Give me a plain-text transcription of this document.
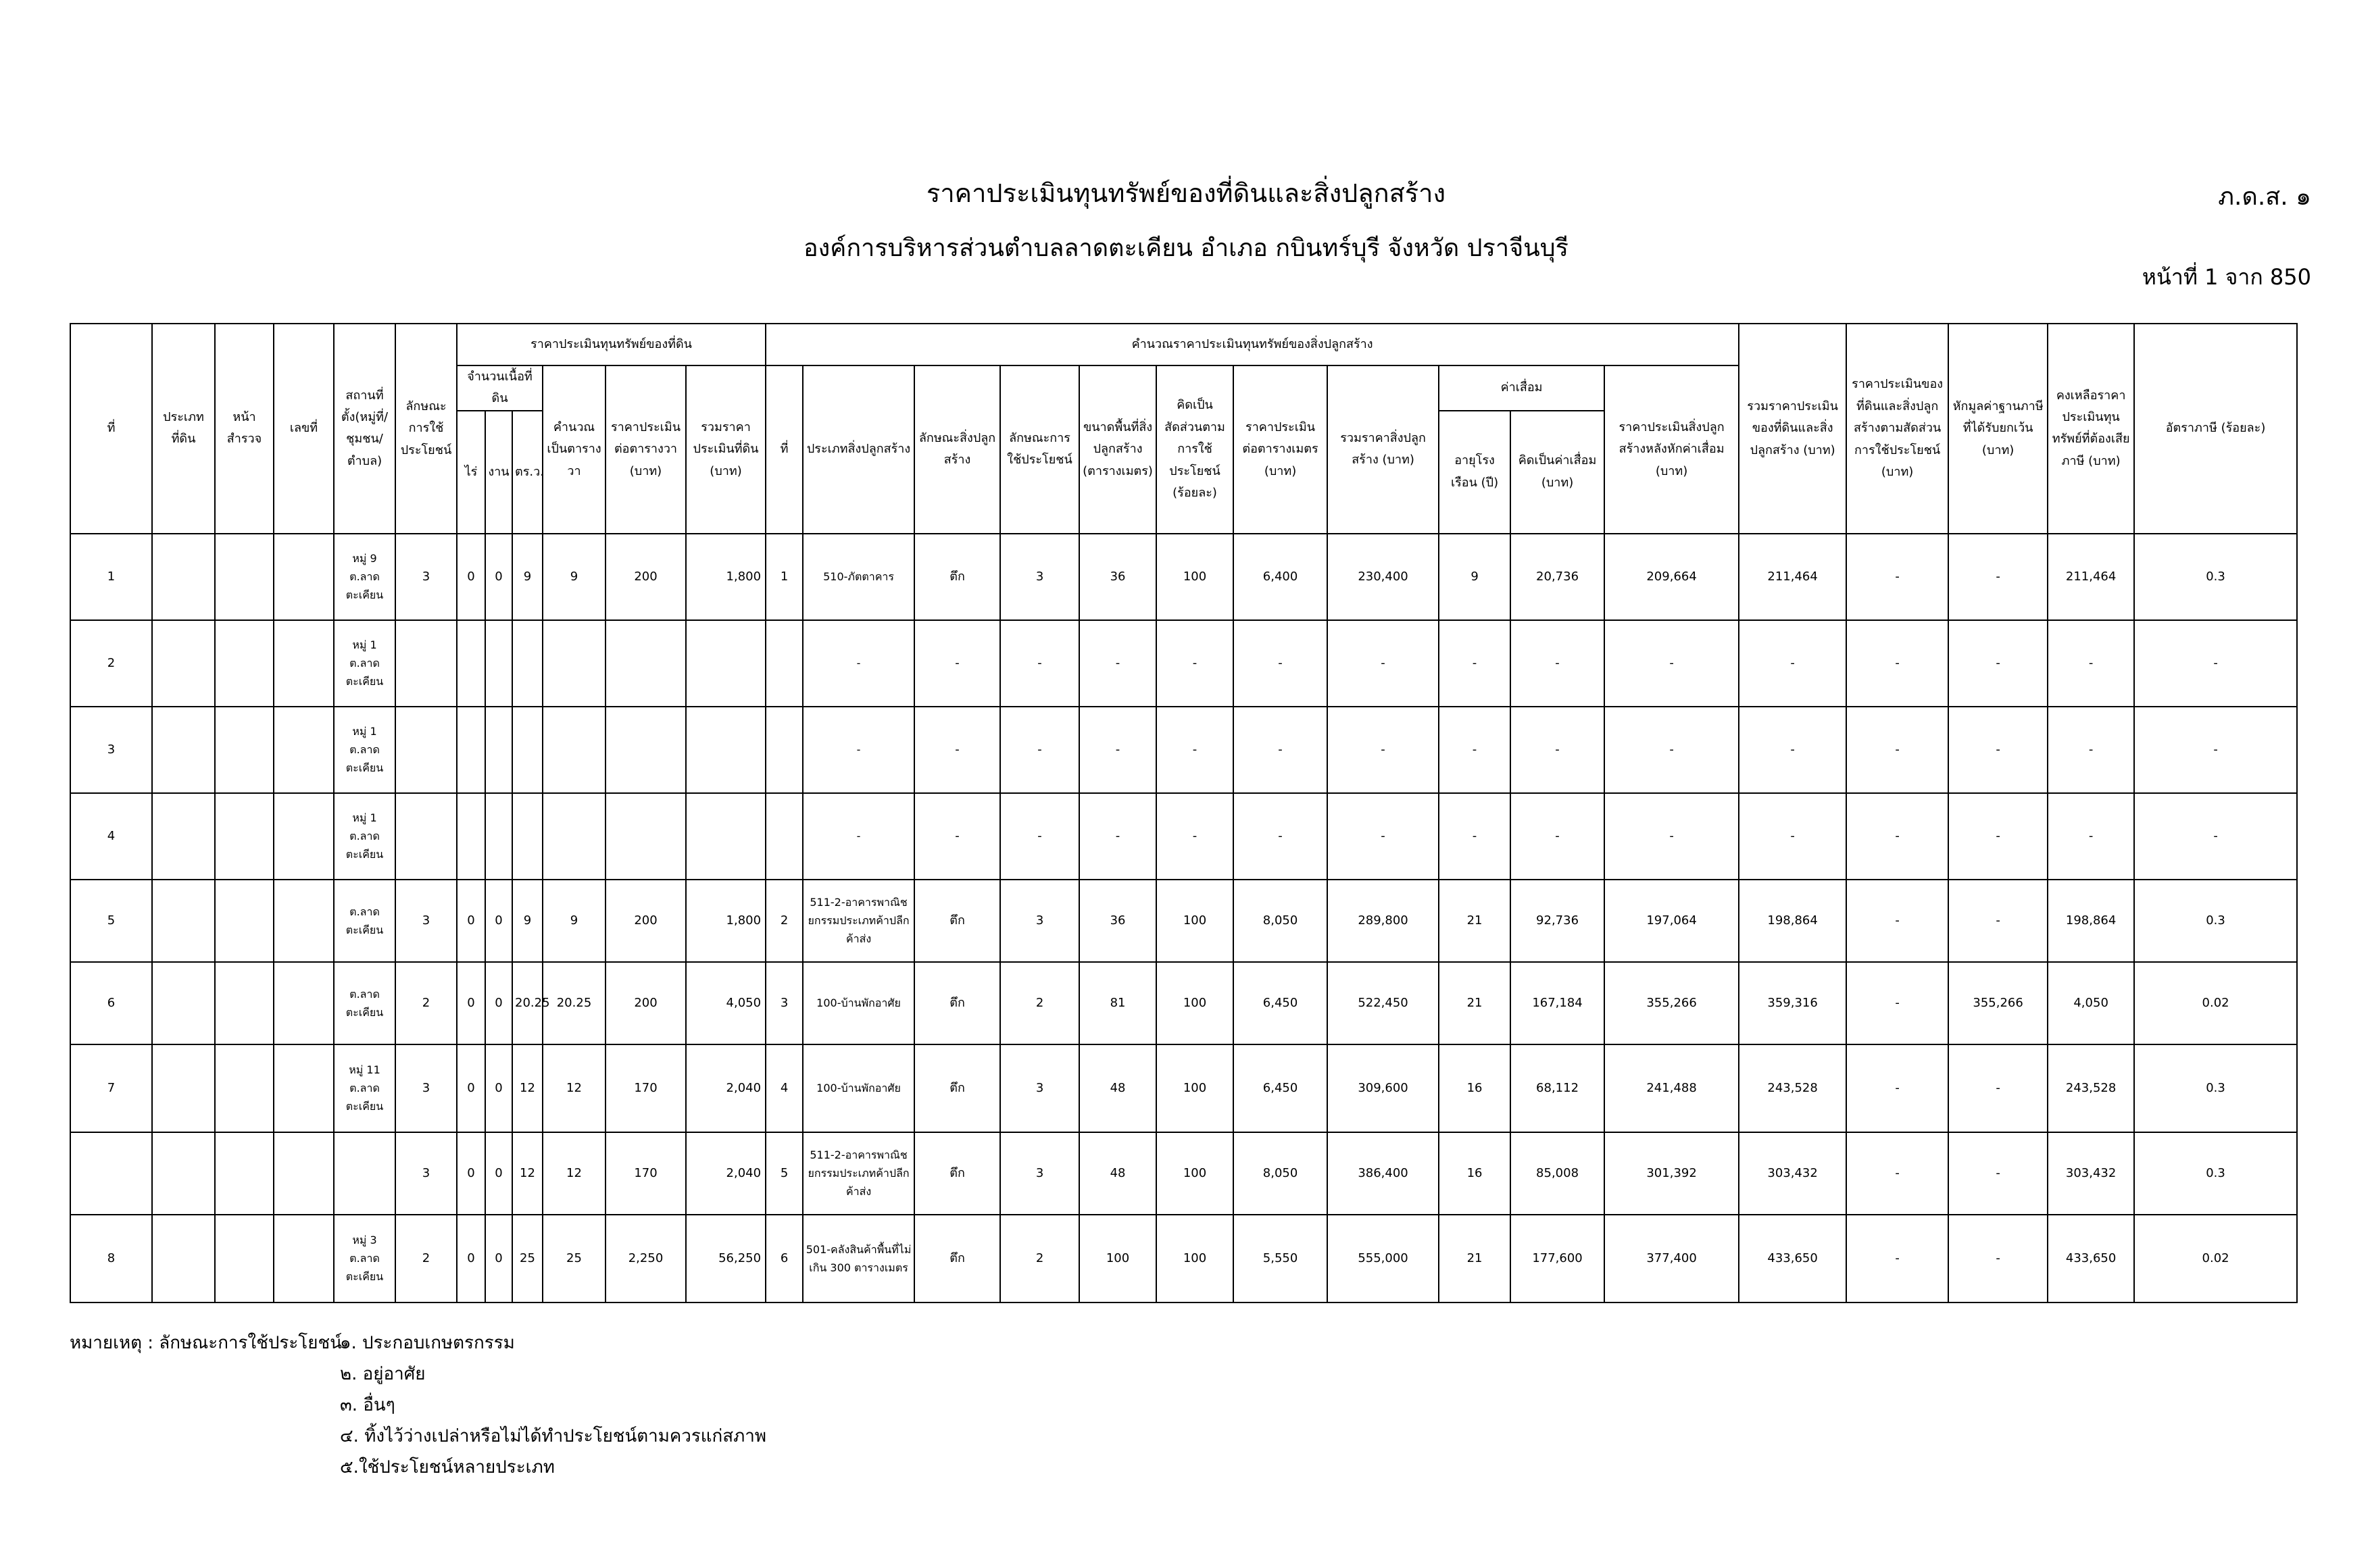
ราคาประเมินทุนทรัพย์ของที่ดินและสิ่งปลูกสร้าง	ภ.ด.ส. ๑
องค์การบริหารส่วนตำบลลาดตะเคียน อำเภอ กบินทร์บุรี จังหวัด ปราจีนบุรี
หน้าที่ 1 จาก 850
ที่	ประเภทที่ดิน	หน้าสำรวจ	เลขที่	สถานที่ตั้ง(หมู่ที่/ชุมชน/ตำบล)	ลักษณะการใช้ประโยชน์	ราคาประเมินทุนทรัพย์ของที่ดิน						คำนวณราคาประเมินทุนทรัพย์ของสิ่งปลูกสร้าง											รวมราคาประเมินของที่ดินและสิ่งปลูกสร้าง (บาท)	ราคาประเมินของที่ดินและสิ่งปลูกสร้างตามสัดส่วนการใช้ประโยชน์ (บาท)	หักมูลค่าฐานภาษีที่ได้รับยกเว้น (บาท)	คงเหลือราคาประเมินทุนทรัพย์ที่ต้องเสียภาษี (บาท)	อัตราภาษี (ร้อยละ)
						จำนวนเนื้อที่ดิน			คำนวณเป็นตารางวา	ราคาประเมินต่อตารางวา (บาท)	รวมราคาประเมินที่ดิน (บาท)	ที่	ประเภทสิ่งปลูกสร้าง	ลักษณะสิ่งปลูกสร้าง	ลักษณะการใช้ประโยชน์	ขนาดพื้นที่สิ่งปลูกสร้าง (ตารางเมตร)	คิดเป็นสัดส่วนตามการใช้ประโยชน์ (ร้อยละ)	ราคาประเมินต่อตารางเมตร (บาท)	รวมราคาสิ่งปลูกสร้าง (บาท)	ค่าเสื่อม		ราคาประเมินสิ่งปลูกสร้างหลังหักค่าเสื่อม (บาท)					
						ไร่	งาน	ตร.ว.												อายุโรงเรือน (ปี)	คิดเป็นค่าเสื่อม (บาท)						
1				หมู่ 9 ต.ลาดตะเคียน	3	0	0	9	9	200	1,800	1	510-ภัตตาคาร	ตึก	3	36	100	6,400	230,400	9	20,736	209,664	211,464	-	-	211,464	0.3
2				หมู่ 1 ต.ลาดตะเคียน									-	-	-	-	-	-	-	-	-	-	-	-	-	-	-
3				หมู่ 1 ต.ลาดตะเคียน									-	-	-	-	-	-	-	-	-	-	-	-	-	-	-
4				หมู่ 1 ต.ลาดตะเคียน									-	-	-	-	-	-	-	-	-	-	-	-	-	-	-
5				ต.ลาดตะเคียน	3	0	0	9	9	200	1,800	2	511-2-อาคารพาณิชยกรรมประเภทค้าปลีกค้าส่ง	ตึก	3	36	100	8,050	289,800	21	92,736	197,064	198,864	-	-	198,864	0.3
6				ต.ลาดตะเคียน	2	0	0	20.25	20.25	200	4,050	3	100-บ้านพักอาศัย	ตึก	2	81	100	6,450	522,450	21	167,184	355,266	359,316	-	355,266	4,050	0.02
7				หมู่ 11 ต.ลาดตะเคียน	3	0	0	12	12	170	2,040	4	100-บ้านพักอาศัย	ตึก	3	48	100	6,450	309,600	16	68,112	241,488	243,528	-	-	243,528	0.3
					3	0	0	12	12	170	2,040	5	511-2-อาคารพาณิชยกรรมประเภทค้าปลีกค้าส่ง	ตึก	3	48	100	8,050	386,400	16	85,008	301,392	303,432	-	-	303,432	0.3
8				หมู่ 3 ต.ลาดตะเคียน	2	0	0	25	25	2,250	56,250	6	501-คลังสินค้าพื้นที่ไม่เกิน 300 ตารางเมตร	ตึก	2	100	100	5,550	555,000	21	177,600	377,400	433,650	-	-	433,650	0.02
หมายเหตุ : ลักษณะการใช้ประโยชน์
๑. ประกอบเกษตรกรรม
๒. อยู่อาศัย
๓. อื่นๆ
๔. ทิ้งไว้ว่างเปล่าหรือไม่ได้ทำประโยชน์ตามควรแก่สภาพ
๕.ใช้ประโยชน์หลายประเภท
